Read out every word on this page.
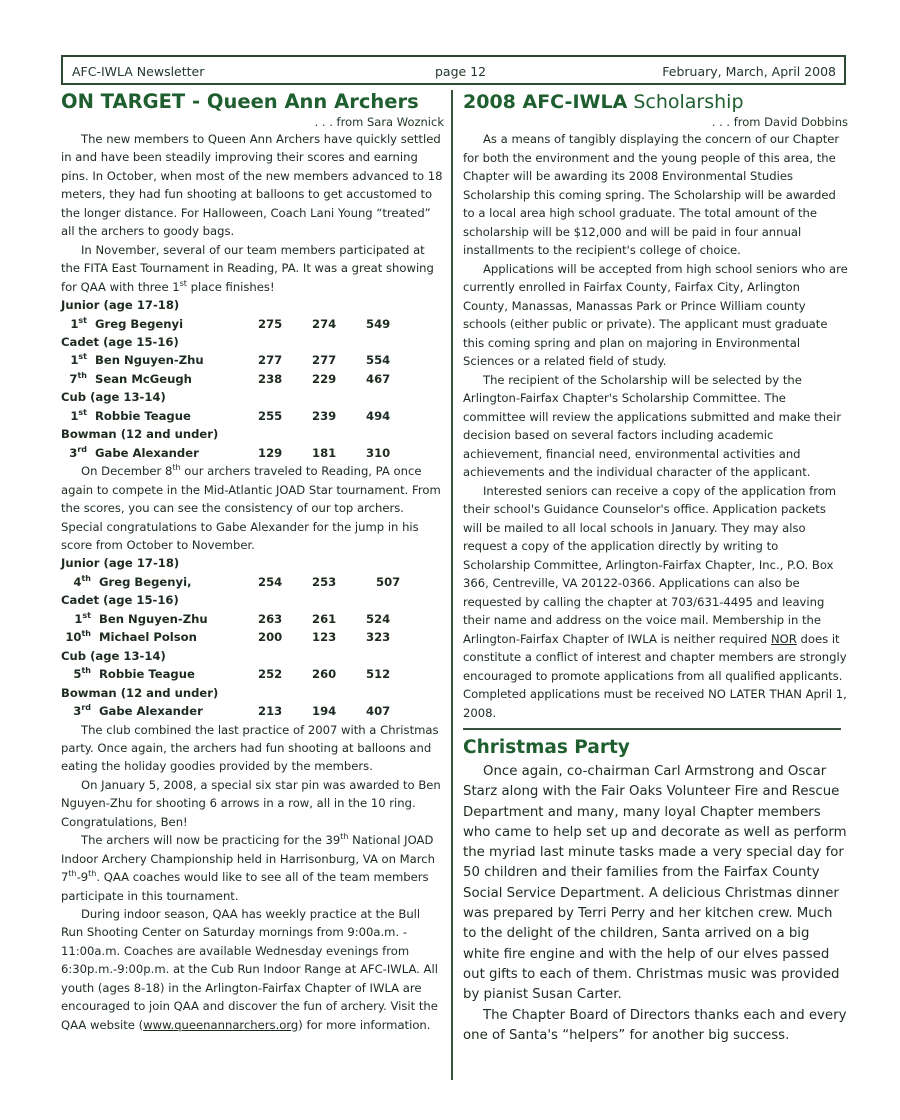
AFC-IWLA Newsletter	page 12	February, March, April 2008
ON TARGET - Queen Ann Archers
. . . from Sara Woznick

The new members to Queen Ann Archers have quickly settled in and have been steadily improving their scores and earning pins. In October, when most of the new members advanced to 18 meters, they had fun shooting at balloons to get accustomed to the longer distance. For Halloween, Coach Lani Young “treated” all the archers to goody bags.

In November, several of our team members participated at the FITA East Tournament in Reading, PA. It was a great showing for QAA with three 1st place finishes!

Junior (age 17-18)
1st Greg Begenyi	275	274	549
Cadet (age 15-16)
1st Ben Nguyen-Zhu	277	277	554
7th Sean McGeugh	238	229	467
Cub (age 13-14)
1st Robbie Teague	255	239	494
Bowman (12 and under)
3rd Gabe Alexander	129	181	310

On December 8th our archers traveled to Reading, PA once again to compete in the Mid-Atlantic JOAD Star tournament. From the scores, you can see the consistency of our top archers. Special congratulations to Gabe Alexander for the jump in his score from October to November.

Junior (age 17-18)
4th Greg Begenyi,	254	253	507
Cadet (age 15-16)
1st Ben Nguyen-Zhu	263	261	524
10th Michael Polson	200	123	323
Cub (age 13-14)
5th Robbie Teague	252	260	512
Bowman (12 and under)
3rd Gabe Alexander	213	194	407

The club combined the last practice of 2007 with a Christmas party. Once again, the archers had fun shooting at balloons and eating the holiday goodies provided by the members.

On January 5, 2008, a special six star pin was awarded to Ben Nguyen-Zhu for shooting 6 arrows in a row, all in the 10 ring. Congratulations, Ben!

The archers will now be practicing for the 39th National JOAD Indoor Archery Championship held in Harrisonburg, VA on March 7th-9th. QAA coaches would like to see all of the team members participate in this tournament.

During indoor season, QAA has weekly practice at the Bull Run Shooting Center on Saturday mornings from 9:00a.m. - 11:00a.m. Coaches are available Wednesday evenings from 6:30p.m.-9:00p.m. at the Cub Run Indoor Range at AFC-IWLA. All youth (ages 8-18) in the Arlington-Fairfax Chapter of IWLA are encouraged to join QAA and discover the fun of archery. Visit the QAA website (www.queenannarchers.org) for more information.

2008 AFC-IWLA Scholarship
. . . from David Dobbins

As a means of tangibly displaying the concern of our Chapter for both the environment and the young people of this area, the Chapter will be awarding its 2008 Environmental Studies Scholarship this coming spring. The Scholarship will be awarded to a local area high school graduate. The total amount of the scholarship will be $12,000 and will be paid in four annual installments to the recipient's college of choice.

Applications will be accepted from high school seniors who are currently enrolled in Fairfax County, Fairfax City, Arlington County, Manassas, Manassas Park or Prince William county schools (either public or private). The applicant must graduate this coming spring and plan on majoring in Environmental Sciences or a related field of study.

The recipient of the Scholarship will be selected by the Arlington-Fairfax Chapter's Scholarship Committee. The committee will review the applications submitted and make their decision based on several factors including academic achievement, financial need, environmental activities and achievements and the individual character of the applicant.

Interested seniors can receive a copy of the application from their school's Guidance Counselor's office. Application packets will be mailed to all local schools in January. They may also request a copy of the application directly by writing to Scholarship Committee, Arlington-Fairfax Chapter, Inc., P.O. Box 366, Centreville, VA 20122-0366. Applications can also be requested by calling the chapter at 703/631-4495 and leaving their name and address on the voice mail. Membership in the Arlington-Fairfax Chapter of IWLA is neither required NOR does it constitute a conflict of interest and chapter members are strongly encouraged to promote applications from all qualified applicants. Completed applications must be received NO LATER THAN April 1, 2008.

Christmas Party

Once again, co-chairman Carl Armstrong and Oscar Starz along with the Fair Oaks Volunteer Fire and Rescue Department and many, many loyal Chapter members who came to help set up and decorate as well as perform the myriad last minute tasks made a very special day for 50 children and their families from the Fairfax County Social Service Department. A delicious Christmas dinner was prepared by Terri Perry and her kitchen crew. Much to the delight of the children, Santa arrived on a big white fire engine and with the help of our elves passed out gifts to each of them. Christmas music was provided by pianist Susan Carter.

The Chapter Board of Directors thanks each and every one of Santa's “helpers” for another big success.
